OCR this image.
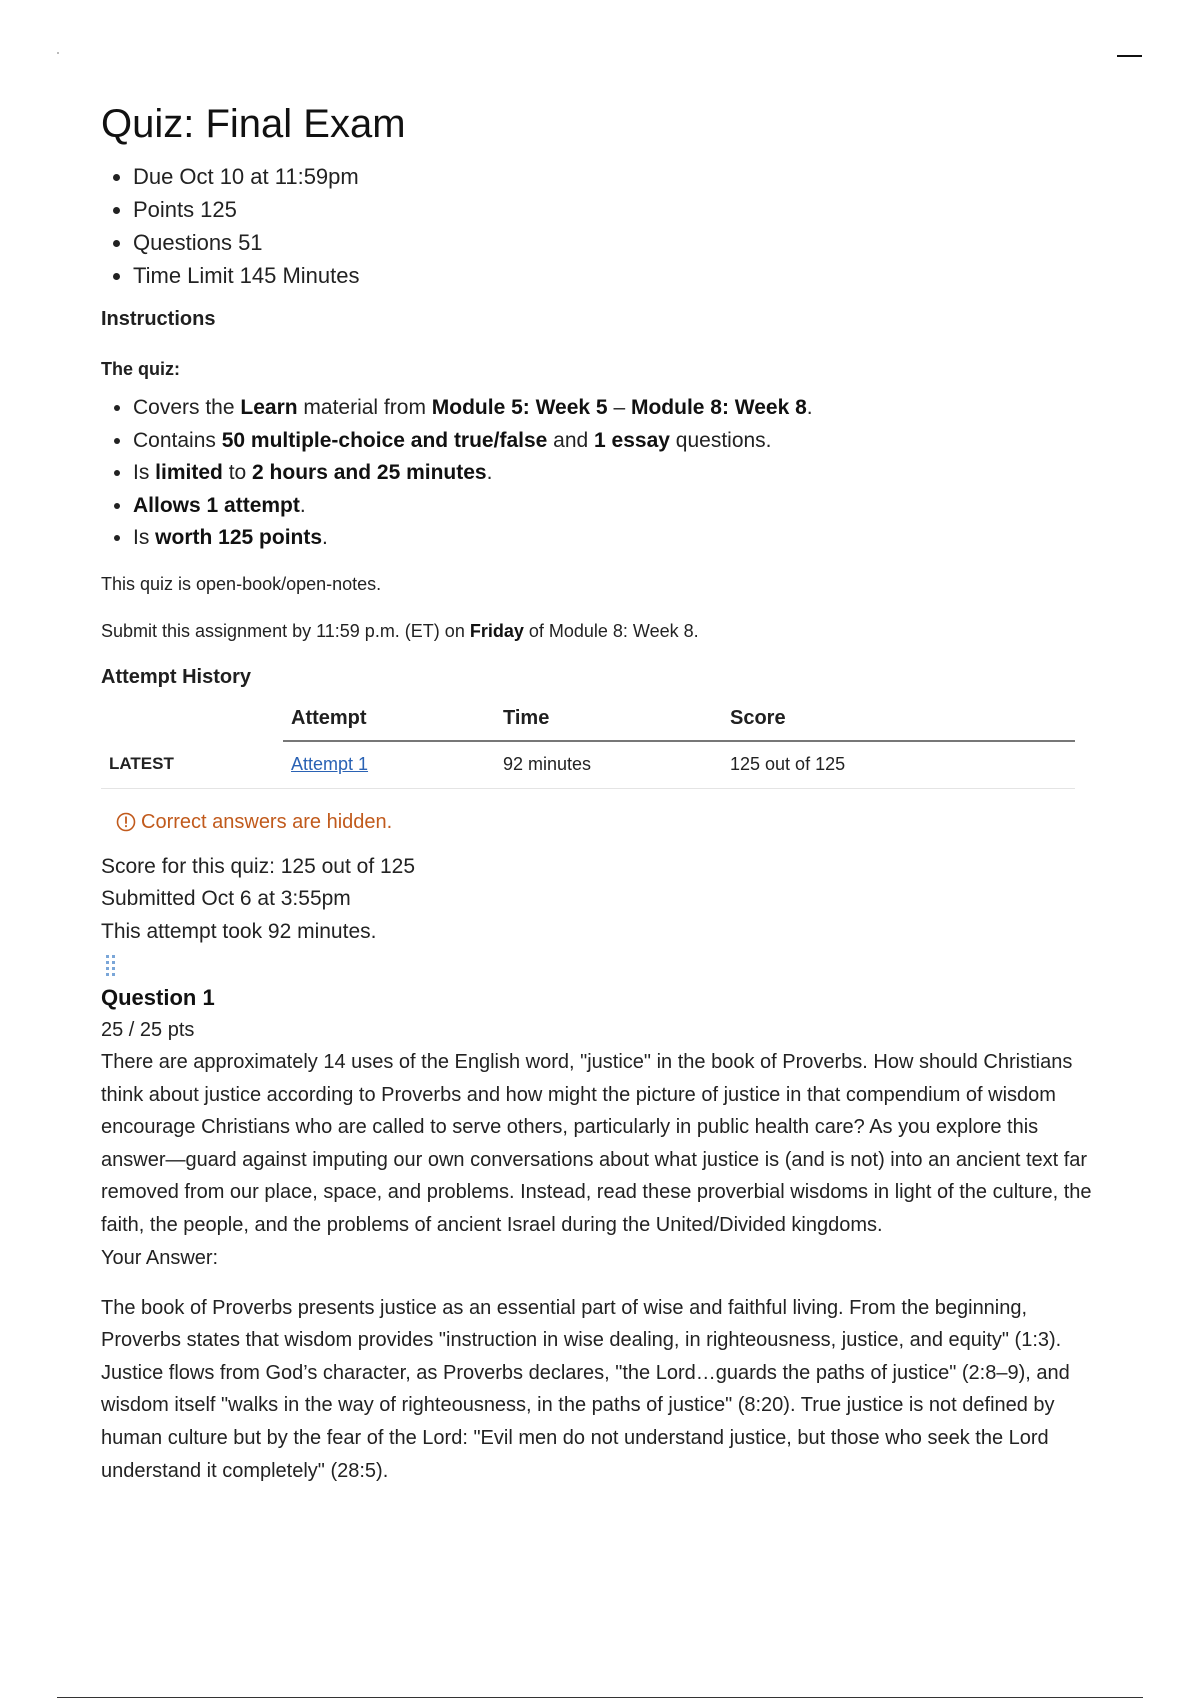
Quiz: Final Exam
• Due Oct 10 at 11:59pm
• Points 125
• Questions 51
• Time Limit 145 Minutes
Instructions
The quiz:
• Covers the Learn material from Module 5: Week 5 – Module 8: Week 8.
• Contains 50 multiple-choice and true/false and 1 essay questions.
• Is limited to 2 hours and 25 minutes.
• Allows 1 attempt.
• Is worth 125 points.

This quiz is open-book/open-notes.

Submit this assignment by 11:59 p.m. (ET) on Friday of Module 8: Week 8.

Attempt History
	Attempt	Time	Score
LATEST	Attempt 1	92 minutes	125 out of 125
Correct answers are hidden.
Score for this quiz: 125 out of 125
Submitted Oct 6 at 3:55pm
This attempt took 92 minutes.
Question 1
25 / 25 pts
There are approximately 14 uses of the English word, "justice" in the book of Proverbs. How should Christians think about justice according to Proverbs and how might the picture of justice in that compendium of wisdom encourage Christians who are called to serve others, particularly in public health care? As you explore this answer—guard against imputing our own conversations about what justice is (and is not) into an ancient text far removed from our place, space, and problems. Instead, read these proverbial wisdoms in light of the culture, the faith, the people, and the problems of ancient Israel during the United/Divided kingdoms.
Your Answer:
The book of Proverbs presents justice as an essential part of wise and faithful living. From the beginning, Proverbs states that wisdom provides "instruction in wise dealing, in righteousness, justice, and equity" (1:3). Justice flows from God’s character, as Proverbs declares, "the Lord…guards the paths of justice" (2:8–9), and wisdom itself "walks in the way of righteousness, in the paths of justice" (8:20). True justice is not defined by human culture but by the fear of the Lord: "Evil men do not understand justice, but those who seek the Lord understand it completely" (28:5).
